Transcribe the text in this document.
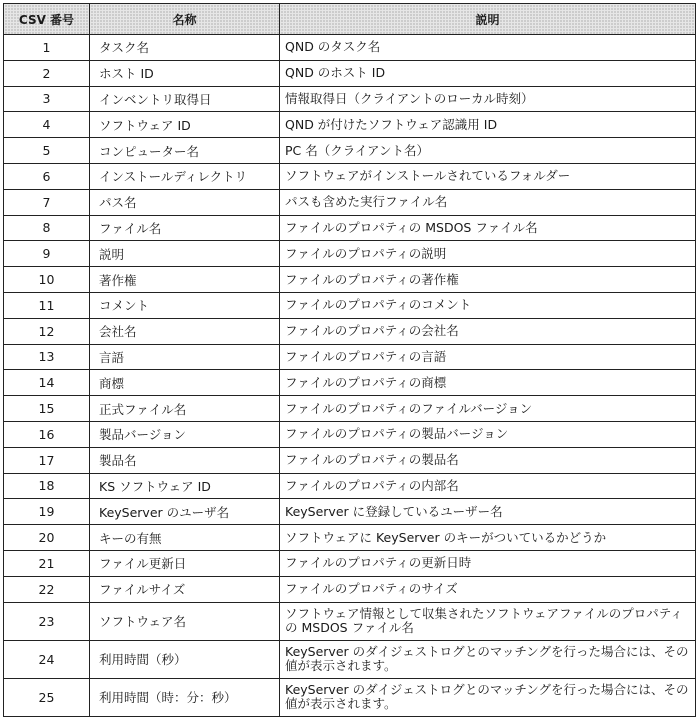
CSV 番号	名称	説明
1	タスク名	QND のタスク名
2	ホスト ID	QND のホスト ID
3	インベントリ取得日	情報取得日（クライアントのローカル時刻）
4	ソフトウェア ID	QND が付けたソフトウェア認識用 ID
5	コンピューター名	PC 名（クライアント名）
6	インストールディレクトリ	ソフトウェアがインストールされているフォルダー
7	パス名	パスも含めた実行ファイル名
8	ファイル名	ファイルのプロパティの MSDOS ファイル名
9	説明	ファイルのプロパティの説明
10	著作権	ファイルのプロパティの著作権
11	コメント	ファイルのプロパティのコメント
12	会社名	ファイルのプロパティの会社名
13	言語	ファイルのプロパティの言語
14	商標	ファイルのプロパティの商標
15	正式ファイル名	ファイルのプロパティのファイルバージョン
16	製品バージョン	ファイルのプロパティの製品バージョン
17	製品名	ファイルのプロパティの製品名
18	KS ソフトウェア ID	ファイルのプロパティの内部名
19	KeyServer のユーザ名	KeyServer に登録しているユーザー名
20	キーの有無	ソフトウェアに KeyServer のキーがついているかどうか
21	ファイル更新日	ファイルのプロパティの更新日時
22	ファイルサイズ	ファイルのプロパティのサイズ
23	ソフトウェア名	ソフトウェア情報として収集されたソフトウェアファイルのプロパティの MSDOS ファイル名
24	利用時間（秒）	KeyServer のダイジェストログとのマッチングを行った場合には、その値が表示されます。
25	利用時間（時：分：秒）	KeyServer のダイジェストログとのマッチングを行った場合には、その値が表示されます。
